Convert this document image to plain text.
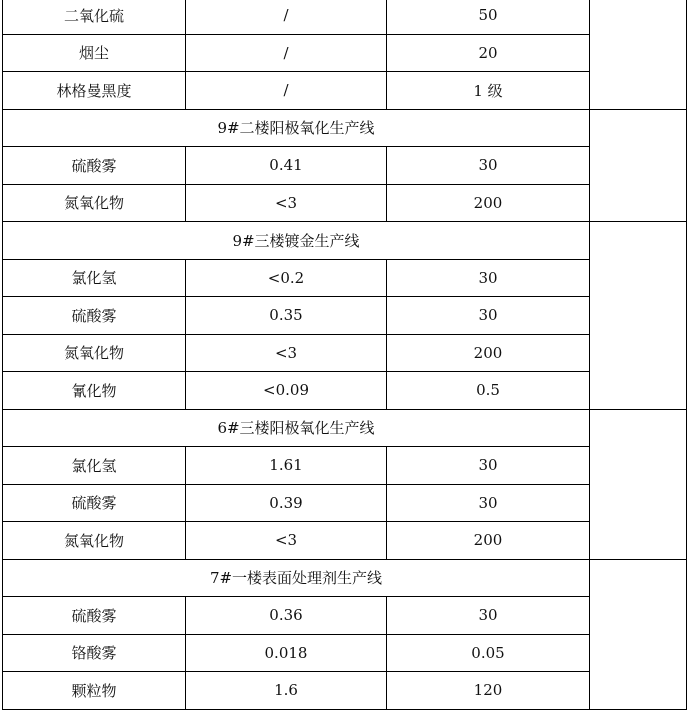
二氧化硫	/	50	
烟尘	/	20	
林格曼黑度	/	1 级	
9#二楼阳极氧化生产线			
硫酸雾	0.41	30	
氮氧化物	<3	200	
9#三楼镀金生产线			
氯化氢	<0.2	30	
硫酸雾	0.35	30	
氮氧化物	<3	200	
氰化物	<0.09	0.5	
6#三楼阳极氧化生产线			
氯化氢	1.61	30	
硫酸雾	0.39	30	
氮氧化物	<3	200	
7#一楼表面处理剂生产线			
硫酸雾	0.36	30	
铬酸雾	0.018	0.05	
颗粒物	1.6	120	
